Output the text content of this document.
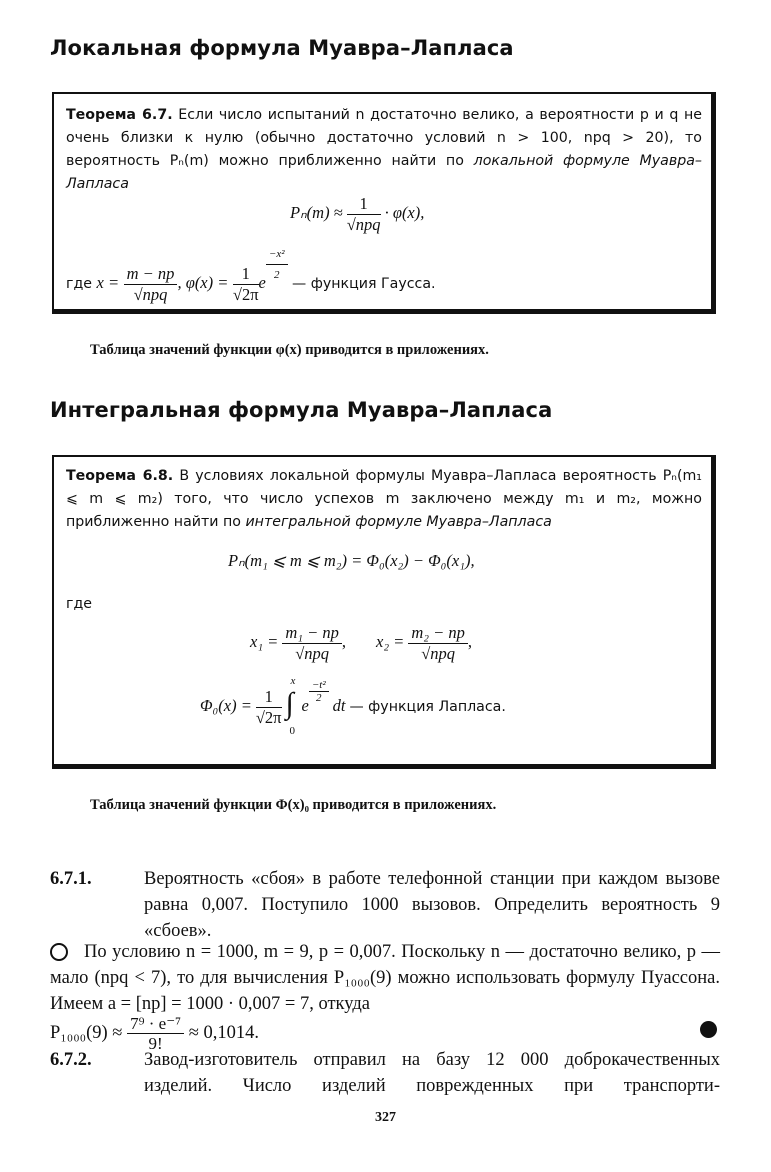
Локальная формула Муавра–Лапласа
Теорема 6.7. Если число испытаний n достаточно велико, а вероятности p и q не очень близки к нулю (обычно достаточно условий n > 100, npq > 20), то вероятность Pₙ(m) можно приближенно найти по локальной формуле Муавра–Лапласа
Pₙ(m) ≈	1
√npq
· φ(x),
где x = m − np
√npq
, $\varphi(x) = \frac{1}{√2\pi}$ e $\frac{\text{−x²}}{2}$ — функция Гаусса.
Таблица значений функции φ(x) приводится в приложениях.
Интегральная формула Муавра–Лапласа
Теорема 6.8. В условиях локальной формулы Муавра–Лапласа вероятность Pₙ(m₁ ⩽ m ⩽ m₂) того, что число успехов m заключено между m₁ и m₂, можно приближенно найти по интегральной формуле Муавра–Лапласа
Pₙ(m₁ ⩽ m ⩽ m₂) = Φ₀(x₂) − Φ₀(x₁),
где
x₁ = m₁ − np
√npq
, x₂ = m₂ − np
√npq
,
$\Phi_0(x) = \frac{1}{√2\pi}$

x
∫
0
e
$\frac{\text{−t²}}{2}$
dt — функция Лапласа.
Таблица значений функции Φ(x)₀ приводится в приложениях.
6.7.1.	Вероятность «сбоя» в работе телефонной станции при каждом вызове равна 0,007. Поступило 1000 вызовов. Определить вероятность 9 «сбоев».
По условию n = 1000, m = 9, p = 0,007. Поскольку n — достаточно велико, p — мало (npq < 7), то для вычисления P₁₀₀₀(9) можно использовать формулу Пуассона. Имеем a = [np] = 1000 · 0,007 = 7, откуда
$P_{1000}(9) \approx \frac{\text{7⁹ · e⁻⁷}}{9!} \approx 0,1014$.
6.7.2.	Завод-изготовитель отправил на базу 12 000 доброкачественных изделий. Число изделий поврежденных при транспорти-
327
